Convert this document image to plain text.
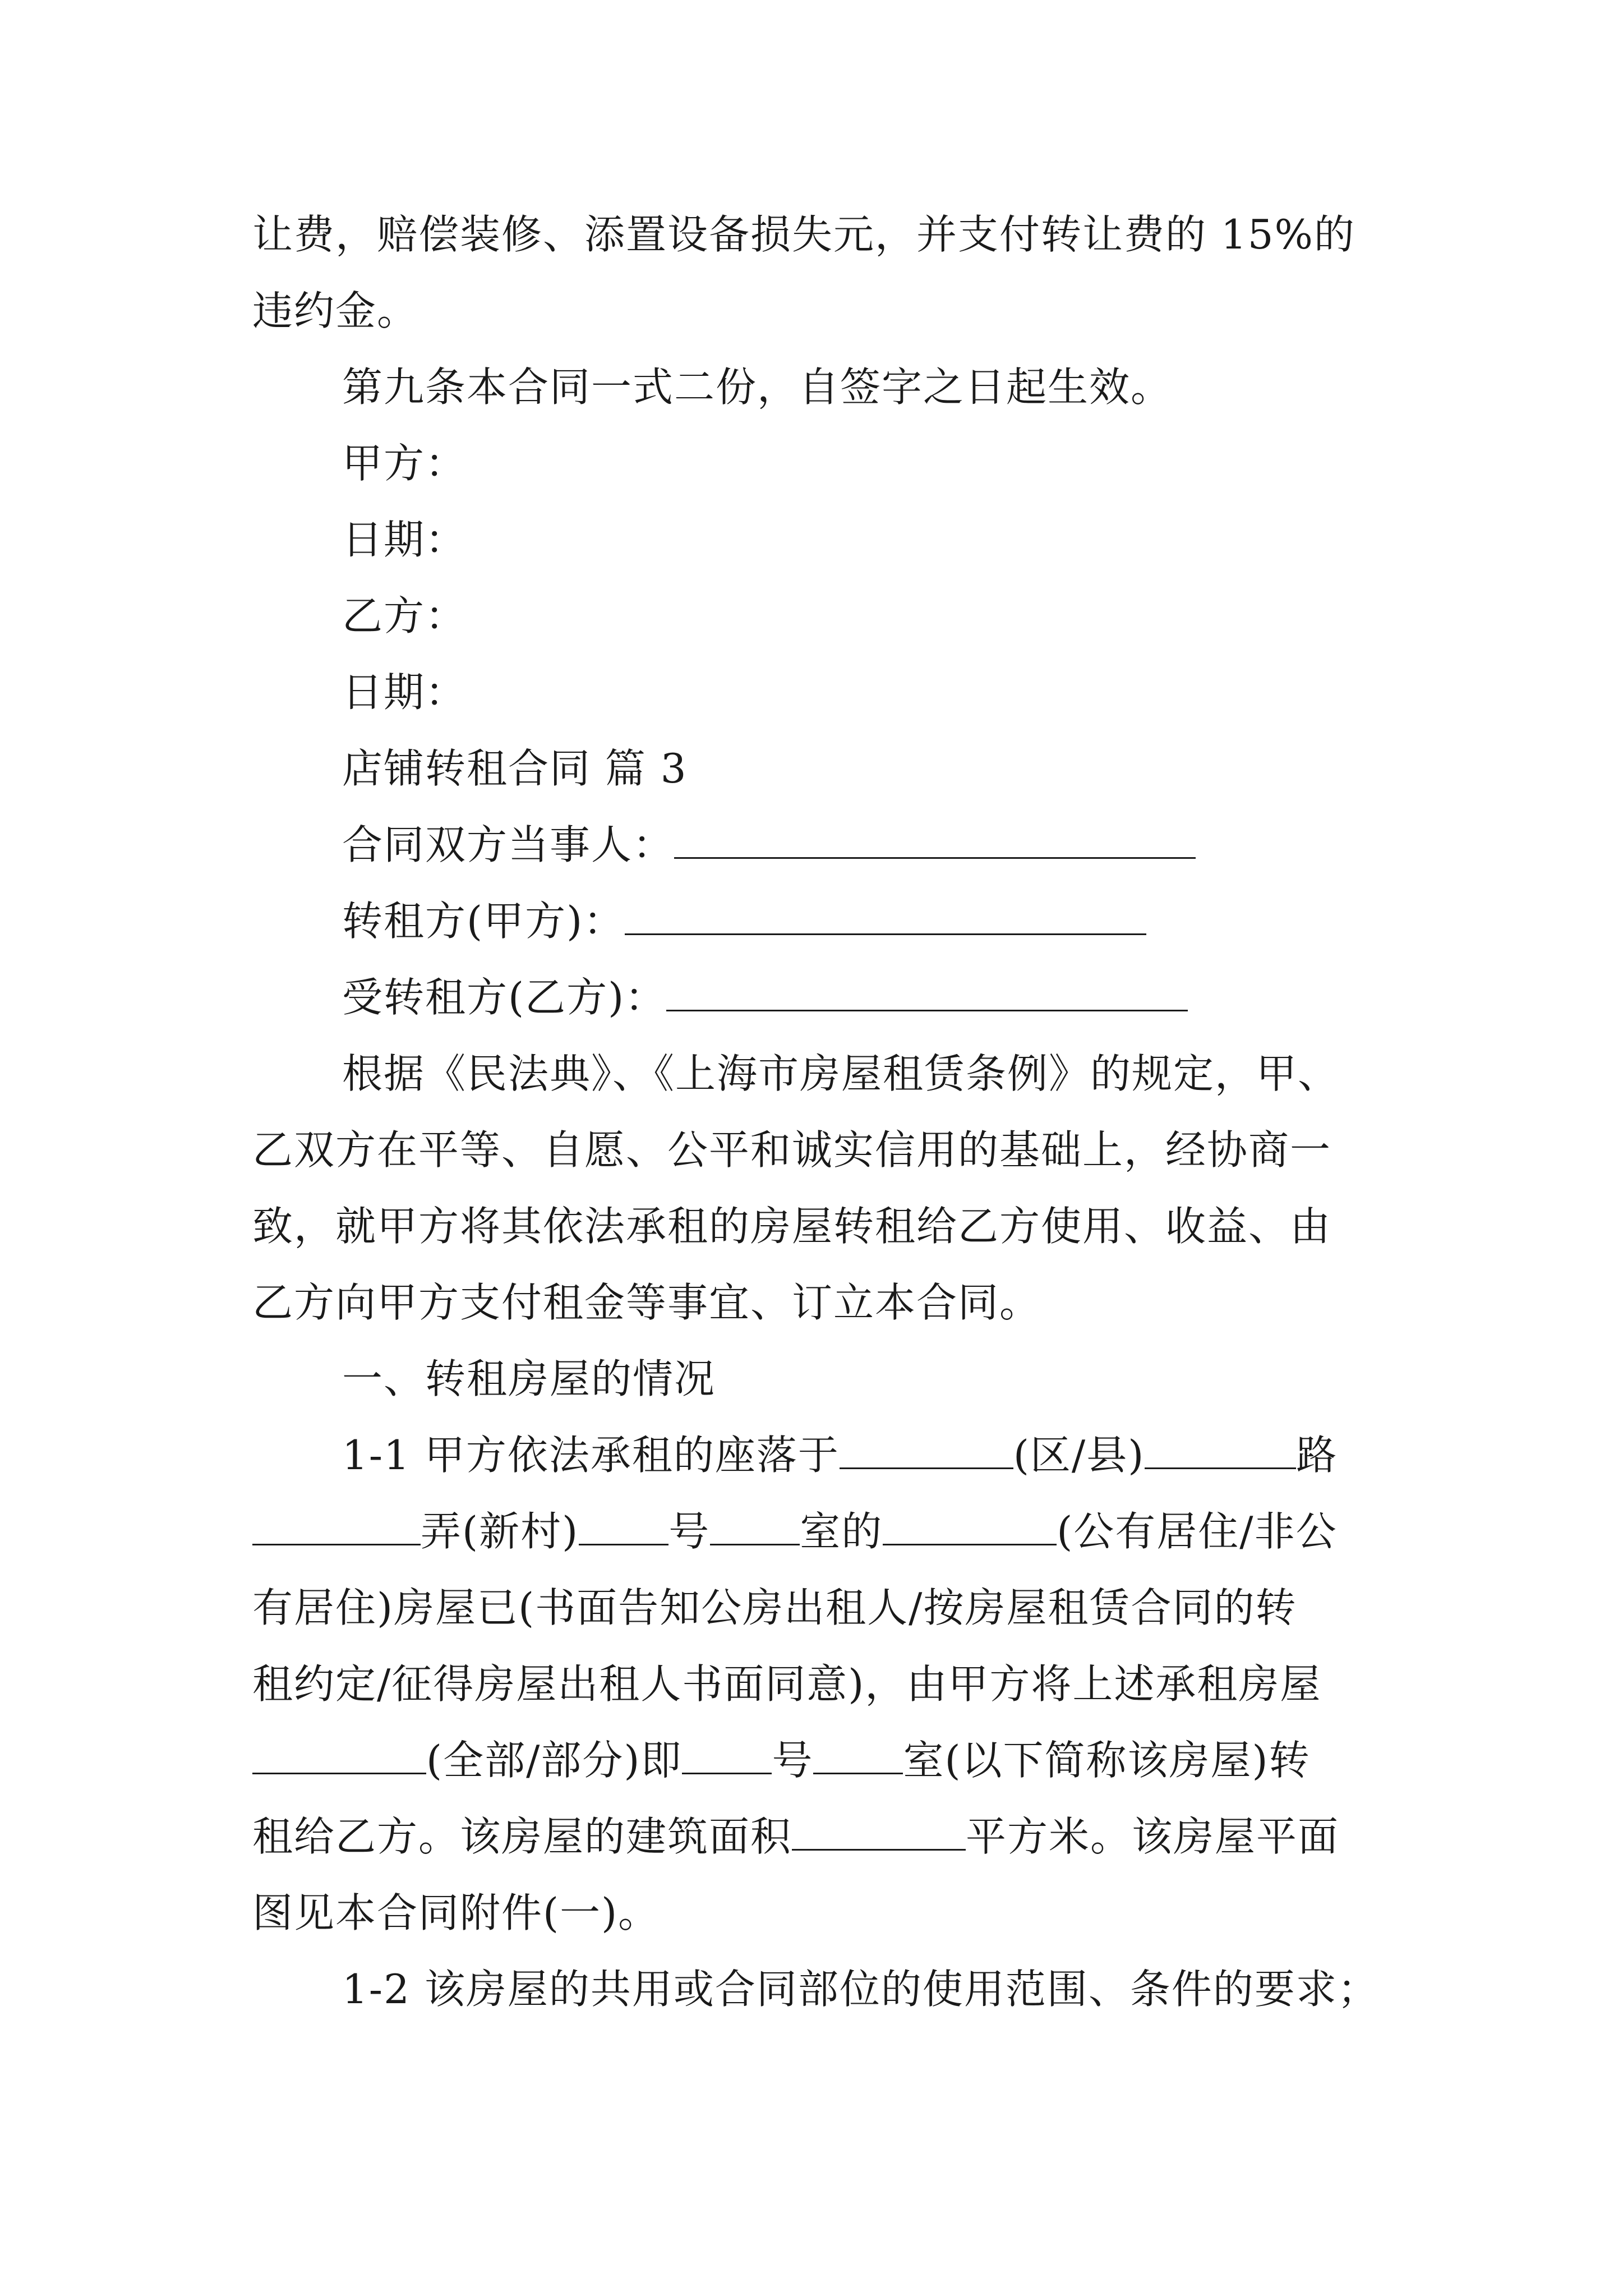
让费，赔偿装修、添置设备损失元，并支付转让费的 15%的
违约金。
第九条本合同一式二份，自签字之日起生效。
甲方：
日期：
乙方：
日期：
店铺转租合同 篇 3
合同双方当事人：
转租方(甲方)：
受转租方(乙方)：
根据《民法典》、《上海市房屋租赁条例》的规定，甲、
乙双方在平等、自愿、公平和诚实信用的基础上，经协商一
致，就甲方将其依法承租的房屋转租给乙方使用、收益、由
乙方向甲方支付租金等事宜、订立本合同。
一、转租房屋的情况
1-1 甲方依法承租的座落于	(区/县)	路
弄(新村) 号 室的	(公有居住/非公
有居住)房屋已(书面告知公房出租人/按房屋租赁合同的转
租约定/征得房屋出租人书面同意)，由甲方将上述承租房屋
(全部/部分)即 号 室(以下简称该房屋)转
租给乙方。该房屋的建筑面积	平方米。该房屋平面
图见本合同附件(一)。
1-2 该房屋的共用或合同部位的使用范围、条件的要求；
